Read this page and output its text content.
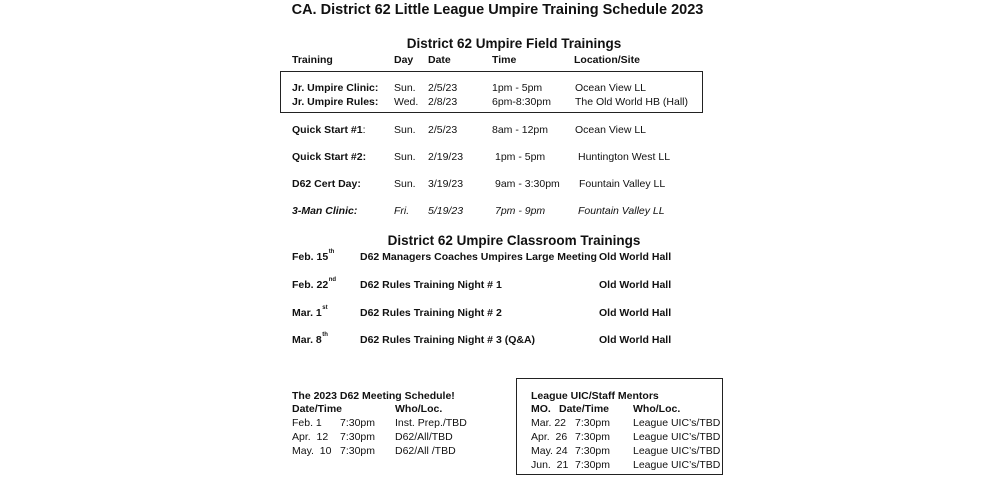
CA. District 62 Little League Umpire Training Schedule 2023
District 62 Umpire Field Trainings
Training	Day Date	Time	Location/Site
Jr. Umpire Clinic: Sun. 2/5/23	1pm - 5pm	Ocean View LL
Jr. Umpire Rules: Wed. 2/8/23	6pm-8:30pm The Old World HB (Hall)
Quick Start #1:	Sun. 2/5/23	8am - 12pm	Ocean View LL
Quick Start #2:	Sun. 2/19/23	1pm - 5pm	Huntington West LL
D62 Cert Day:	Sun. 3/19/23	9am - 3:30pm Fountain Valley LL
3-Man Clinic:	Fri. 5/19/23	7pm - 9pm	Fountain Valley LL
District 62 Umpire Classroom Trainings
Feb. 15th D62 Managers Coaches Umpires Large Meeting Old World Hall
Feb. 22nd D62 Rules Training Night # 1	Old World Hall
Mar. 1st	D62 Rules Training Night # 2	Old World Hall
Mar. 8th	D62 Rules Training Night # 3 (Q&A)	Old World Hall
The 2023 D62 Meeting Schedule!
Date/Time	Who/Loc.
Feb. 1 7:30pm Inst. Prep./TBD
Apr.  12 7:30pm D62/All/TBD
May.  10 7:30pm D62/All /TBD
League UIC/Staff Mentors
MO. Date/Time Who/Loc.
Mar. 22 7:30pm League UIC’s/TBD
Apr.  26 7:30pm League UIC’s/TBD
May. 24 7:30pm League UIC’s/TBD
Jun.  21 7:30pm League UIC’s/TBD
